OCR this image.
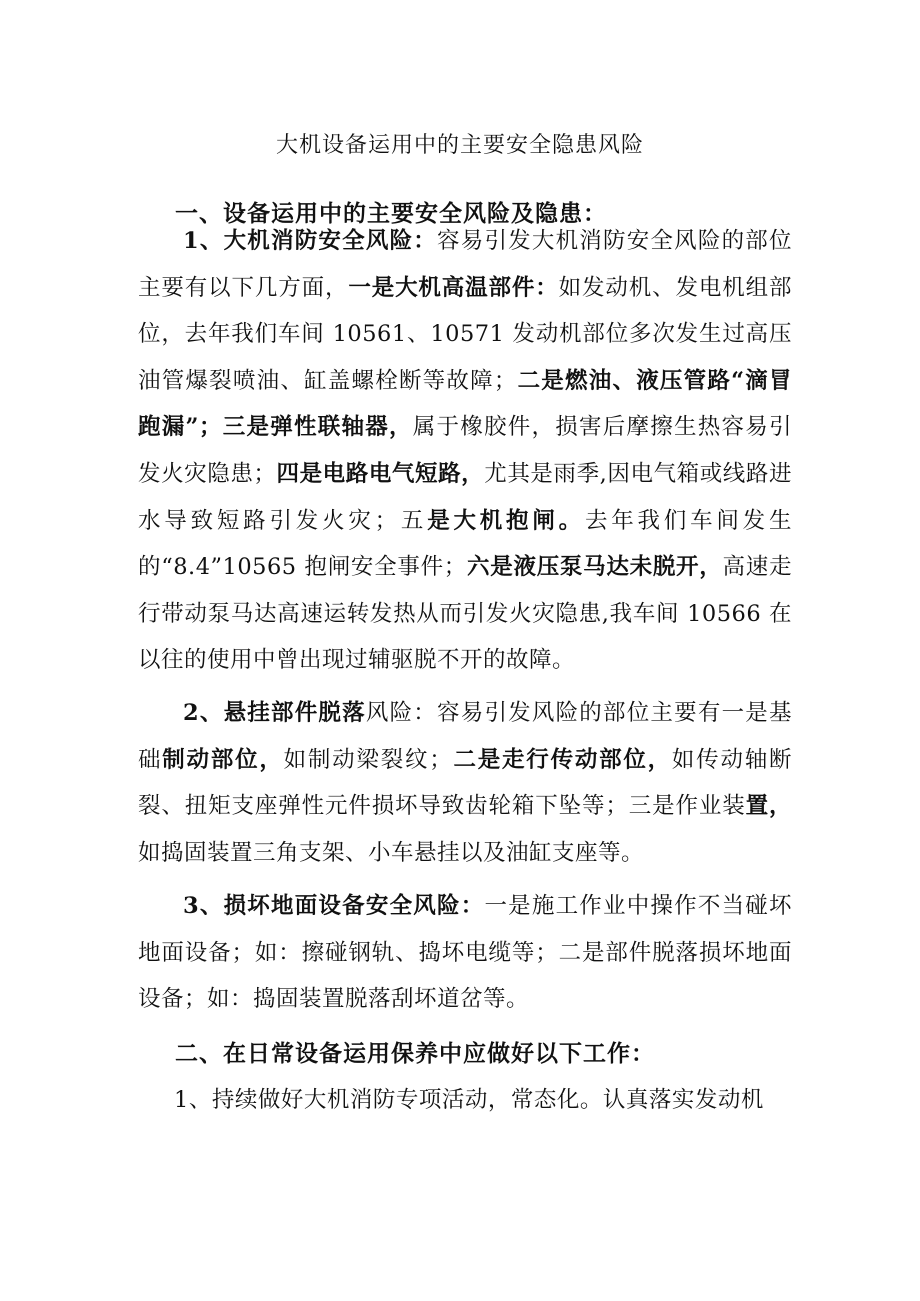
大机设备运用中的主要安全隐患风险
一、设备运用中的主要安全风险及隐患：

1、大机消防安全风险：容易引发大机消防安全风险的部位主要有以下几方面，一是大机高温部件：如发动机、发电机组部位，去年我们车间 10561、10571 发动机部位多次发生过高压油管爆裂喷油、缸盖螺栓断等故障；二是燃油、液压管路“滴冒跑漏”；三是弹性联轴器，属于橡胶件，损害后摩擦生热容易引发火灾隐患；四是电路电气短路，尤其是雨季,因电气箱或线路进水导致短路引发火灾；五是大机抱闸。去年我们车间发生的“8.4”10565 抱闸安全事件；六是液压泵马达未脱开，高速走行带动泵马达高速运转发热从而引发火灾隐患,我车间 10566 在以往的使用中曾出现过辅驱脱不开的故障。

2、悬挂部件脱落风险：容易引发风险的部位主要有一是基础制动部位，如制动梁裂纹；二是走行传动部位，如传动轴断裂、扭矩支座弹性元件损坏导致齿轮箱下坠等；三是作业装置，如捣固装置三角支架、小车悬挂以及油缸支座等。

3、损坏地面设备安全风险：一是施工作业中操作不当碰坏地面设备；如：擦碰钢轨、捣坏电缆等；二是部件脱落损坏地面设备；如：捣固装置脱落刮坏道岔等。

二、在日常设备运用保养中应做好以下工作：

1、持续做好大机消防专项活动，常态化。认真落实发动机
